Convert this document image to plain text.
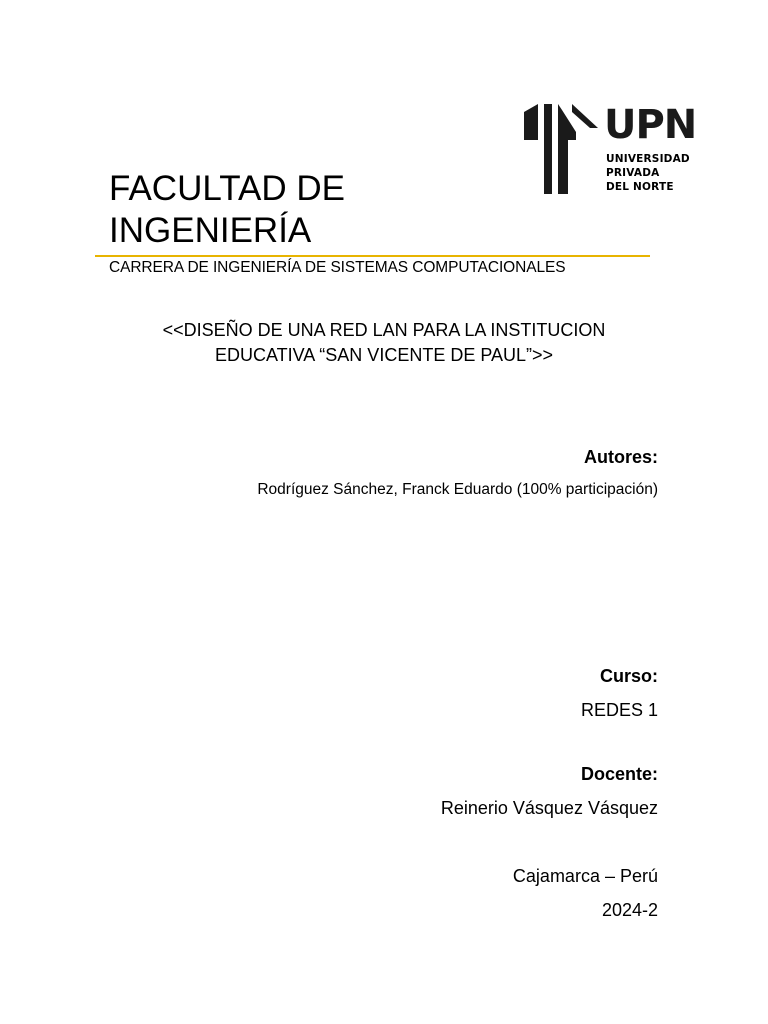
UPN
UNIVERSIDAD
PRIVADA
DEL NORTE
FACULTAD DE
INGENIERÍA
CARRERA DE INGENIERÍA DE SISTEMAS COMPUTACIONALES
<<DISEÑO DE UNA RED LAN PARA LA INSTITUCION
EDUCATIVA “SAN VICENTE DE PAUL”>>
Autores:
Rodríguez Sánchez, Franck Eduardo (100% participación)
Curso:
REDES 1
Docente:
Reinerio Vásquez Vásquez
Cajamarca – Perú
2024-2
